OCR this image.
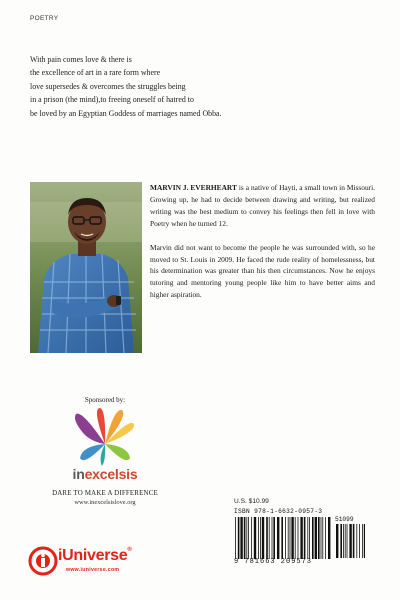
POETRY
With pain comes love & there is
the excellence of art in a rare form where
love supersedes & overcomes the struggles being
in a prison (the mind),to freeing oneself of hatred to
be loved by an Egyptian Goddess of marriages named Obba.

MARVIN J. EVERHEART is a native of Hayti, a small town in Missouri. Growing up, he had to decide between drawing and writing, but realized writing was the best medium to convey his feelings then fell in love with Poetry when he turned 12.

Marvin did not want to become the people he was surrounded with, so he moved to St. Louis in 2009. He faced the rude reality of homelessness, but his determination was greater than his then circumstances. Now he enjoys tutoring and mentoring young people like him to have better aims and higher aspiration.

Sponsored by:
inexcelsis
DARE TO MAKE A DIFFERENCE
www.inexcelsislove.org
iUniverse®
www.iuniverse.com
U.S. $10.99
ISBN 978-1-6632-0957-3
51099
9 781663 209573
